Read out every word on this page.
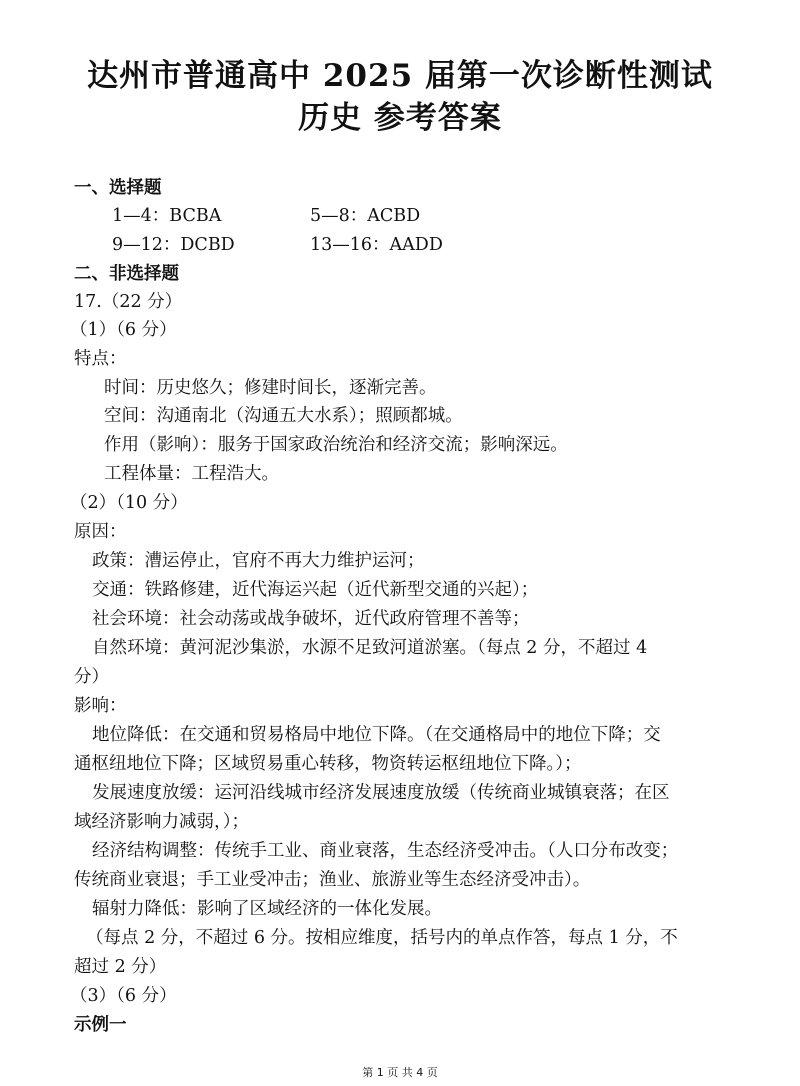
达州市普通高中 2025 届第一次诊断性测试
历史 参考答案
一、选择题
1—4：BCBA	5—8：ACBD
9—12：DCBD	13—16：AADD
二、非选择题
17.（22 分）
（1）（6 分）
特点：
时间：历史悠久；修建时间长，逐渐完善。
空间：沟通南北（沟通五大水系）；照顾都城。
作用（影响）：服务于国家政治统治和经济交流；影响深远。
工程体量：工程浩大。
（2）（10 分）
原因：
政策：漕运停止，官府不再大力维护运河；
交通：铁路修建，近代海运兴起（近代新型交通的兴起）；
社会环境：社会动荡或战争破坏，近代政府管理不善等；
自然环境：黄河泥沙集淤，水源不足致河道淤塞。（每点 2 分，不超过 4
分）
影响：
地位降低：在交通和贸易格局中地位下降。（在交通格局中的地位下降；交
通枢纽地位下降；区域贸易重心转移，物资转运枢纽地位下降。）；
发展速度放缓：运河沿线城市经济发展速度放缓（传统商业城镇衰落；在区
域经济影响力减弱，）；
经济结构调整：传统手工业、商业衰落，生态经济受冲击。（人口分布改变；
传统商业衰退；手工业受冲击；渔业、旅游业等生态经济受冲击）。
辐射力降低：影响了区域经济的一体化发展。
（每点 2 分，不超过 6 分。按相应维度，括号内的单点作答，每点 1 分，不
超过 2 分）
（3）（6 分）
示例一
第 1 页 共 4 页
